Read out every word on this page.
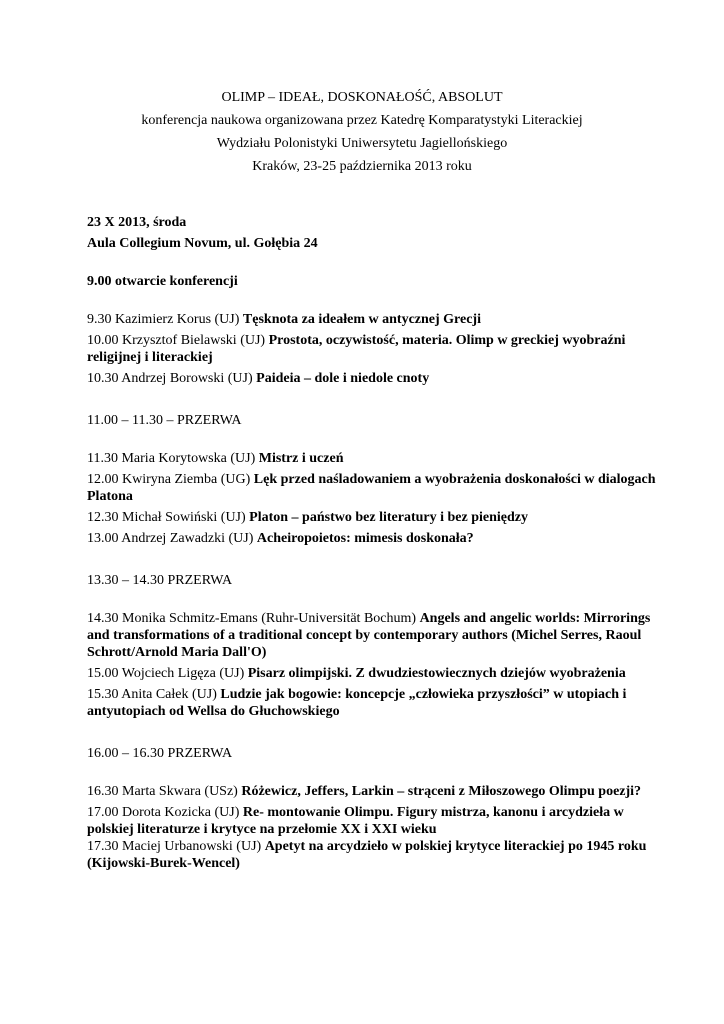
OLIMP – IDEAŁ, DOSKONAŁOŚĆ, ABSOLUT
konferencja naukowa organizowana przez Katedrę Komparatystyki Literackiej
Wydziału Polonistyki Uniwersytetu Jagiellońskiego
Kraków, 23-25 października 2013 roku
23 X 2013, środa
Aula Collegium Novum, ul. Gołębia 24
9.00 otwarcie konferencji
9.30 Kazimierz Korus (UJ) Tęsknota za ideałem w antycznej Grecji
10.00 Krzysztof Bielawski (UJ) Prostota, oczywistość, materia. Olimp w greckiej wyobraźni religijnej i literackiej
10.30 Andrzej Borowski (UJ) Paideia – dole i niedole cnoty
11.00 – 11.30 – PRZERWA
11.30 Maria Korytowska (UJ) Mistrz i uczeń
12.00 Kwiryna Ziemba (UG) Lęk przed naśladowaniem a wyobrażenia doskonałości w dialogach Platona
12.30 Michał Sowiński (UJ) Platon – państwo bez literatury i bez pieniędzy
13.00 Andrzej Zawadzki (UJ) Acheiropoietos: mimesis doskonała?
13.30 – 14.30 PRZERWA
14.30 Monika Schmitz-Emans (Ruhr-Universität Bochum) Angels and angelic worlds: Mirrorings and transformations of a traditional concept by contemporary authors (Michel Serres, Raoul Schrott/Arnold Maria Dall'O)
15.00 Wojciech Ligęza (UJ) Pisarz olimpijski. Z dwudziestowiecznych dziejów wyobrażenia
15.30 Anita Całek (UJ) Ludzie jak bogowie: koncepcje „człowieka przyszłości” w utopiach i antyutopiach od Wellsa do Głuchowskiego
16.00 – 16.30 PRZERWA
16.30 Marta Skwara (USz) Różewicz, Jeffers, Larkin – strąceni z Miłoszowego Olimpu poezji?
17.00 Dorota Kozicka (UJ) Re- montowanie Olimpu. Figury mistrza, kanonu i arcydzieła w polskiej literaturze i krytyce na przełomie XX i XXI wieku
17.30 Maciej Urbanowski (UJ) Apetyt na arcydzieło w polskiej krytyce literackiej po 1945 roku (Kijowski-Burek-Wencel)
